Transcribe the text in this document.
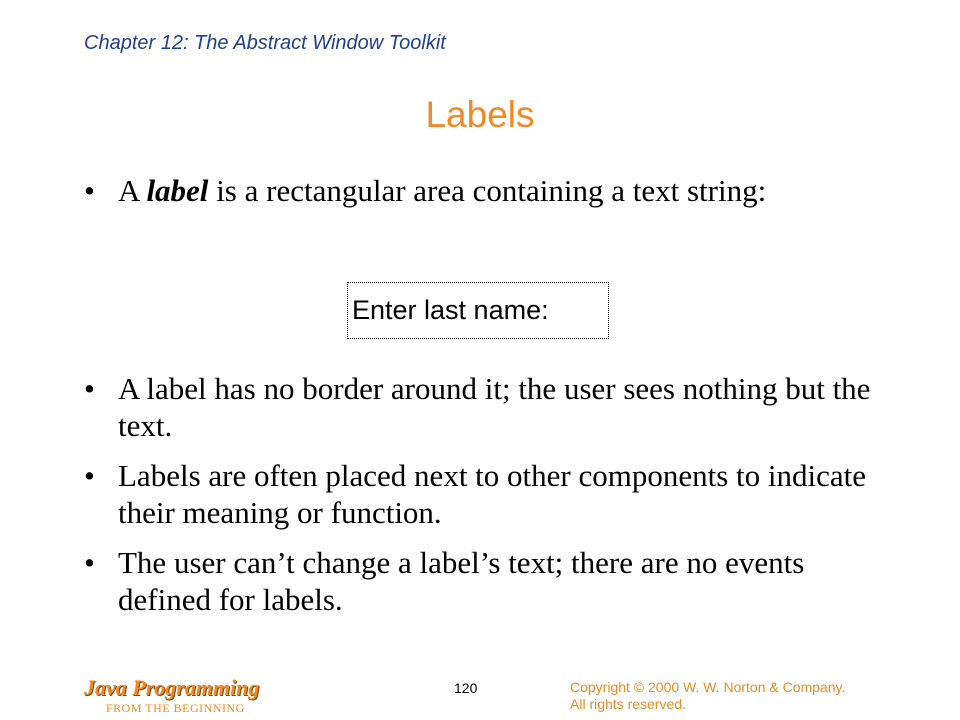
Chapter 12: The Abstract Window Toolkit
Labels
• A label is a rectangular area containing a text string:
Enter last name:
• A label has no border around it; the user sees nothing but the text.
• Labels are often placed next to other components to indicate their meaning or function.
• The user can’t change a label’s text; there are no events defined for labels.
Java Programming
FROM THE BEGINNING
120	Copyright © 2000 W. W. Norton & Company.
All rights reserved.
